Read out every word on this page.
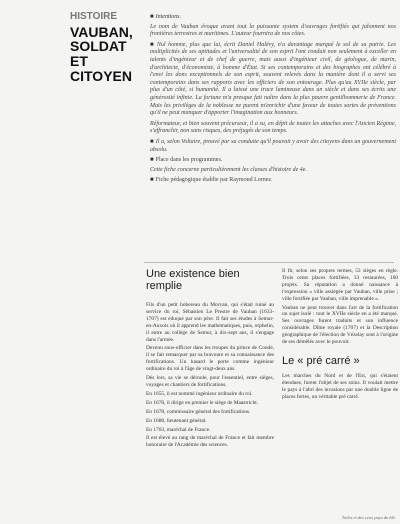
HISTOIRE
VAUBAN,
SOLDAT
ET CITOYEN
■ Intentions.

Le nom de Vauban évoque avant tout la puissante system d'ouvrages fortifiés qui jalonnent nos frontières terrestres et maritimes. L'auteur fournira de nos côtes.

■ Nul homme, plus que lui, écrit Daniel Halévy, n'a davantage marqué le sol de sa patrie. Les multiplicités de ses aptitudes et l'universalité de son esprit l'ont conduit non seulement à exceller en talents d'ingénieur et de chef de guerre, mais aussi d'ingénieur civil, de géologue, de marin, d'architecte, d'économiste, à homme d'État. Si ses contemporains et des biographes ont célébré à l'envi les dons exceptionnels de son esprit, souvent relevés dans la manière dont il a servi ses contemporains dans ses rapports avec les officiers de son entourage. Plus qu'au XVIIe siècle, par plus d'un côté, si humanité. Il a laissé une trace lumineuse dans un siècle et dans ses écrits une générosité infinie. La fortune m'a presque fait naître dans la plus pauvre gentilhommerie de France. Mais les privilèges de la noblesse ne purent m'enrichir d'une faveur de toutes sortes de préventions qu'il ne peut manquer d'apporter l'imagination aux honneurs.

Réformateur, et bien souvent précurseur, il a su, en dépit de toutes les attaches avec l'Ancien Régime, s'affranchir, non sans risques, des préjugés de son temps.

■ Il a, selon Voltaire, prouvé par sa conduite qu'il pouvait y avoir des citoyens dans un gouvernement absolu.

■ Place dans les programmes.

Cette fiche concerne particulièrement les classes d'histoire de 4e.

■ Fiche pédagogique établie par Raymond Lornez.
Une existence bien remplie

Fils d'un petit hobereau du Morvan, qui s'était ruiné au service du roi, Sébastien Le Prestre de Vauban (1633-1707) est éduqué par son père. Il fait ses études à Semur-en-Auxois où il apprend les mathématiques, puis, orphelin, il entre au collège de Semur, à dix-sept ans, il s'engage dans l'armée.

Devenu sous-officier dans les troupes du prince de Condé, il se fait remarquer par sa bravoure et sa connaissance des fortifications. Un hasard le porte comme ingénieur ordinaire du roi à l'âge de vingt-deux ans.

Dès lors, sa vie se déroule, pour l'essentiel, entre sièges, voyages et chantiers de fortifications.

En 1655, il est nommé ingénieur ordinaire du roi.

En 1678, il dirige en premier le siège de Maastricht.

En 1678, commissaire général des fortifications.

En 1688, lieutenant général.

En 1703, maréchal de France.

Il est élevé au rang de maréchal de France et fait membre honoraire de l'Académie des sciences.

Il fit, selon ses propres termes, 53 sièges en règle. Trois cents places fortifiées, 33 restaurées, 160 projets. Sa réputation a donné naissance à l'expression « ville assiégée par Vauban, ville prise ; ville fortifiée par Vauban, ville imprenable ».

Vauban ne peut trouver dans l'art de la fortification un sujet isolé : tout le XVIIe siècle en a été marqué. Ses ouvrages furent traduits et son influence considérable. Dîme royale (1707) et la Description géographique de l'élection de Vézelay sont à l'origine de ses démêlés avec le pouvoir.

Le « pré carré »

Les marches du Nord et de l'Est, qui s'étaient étendues, furent l'objet de ses soins. Il voulait mettre le pays à l'abri des invasions par une double ligne de places fortes, un véritable pré carré.

Toiles et des ceux pays du blé.
